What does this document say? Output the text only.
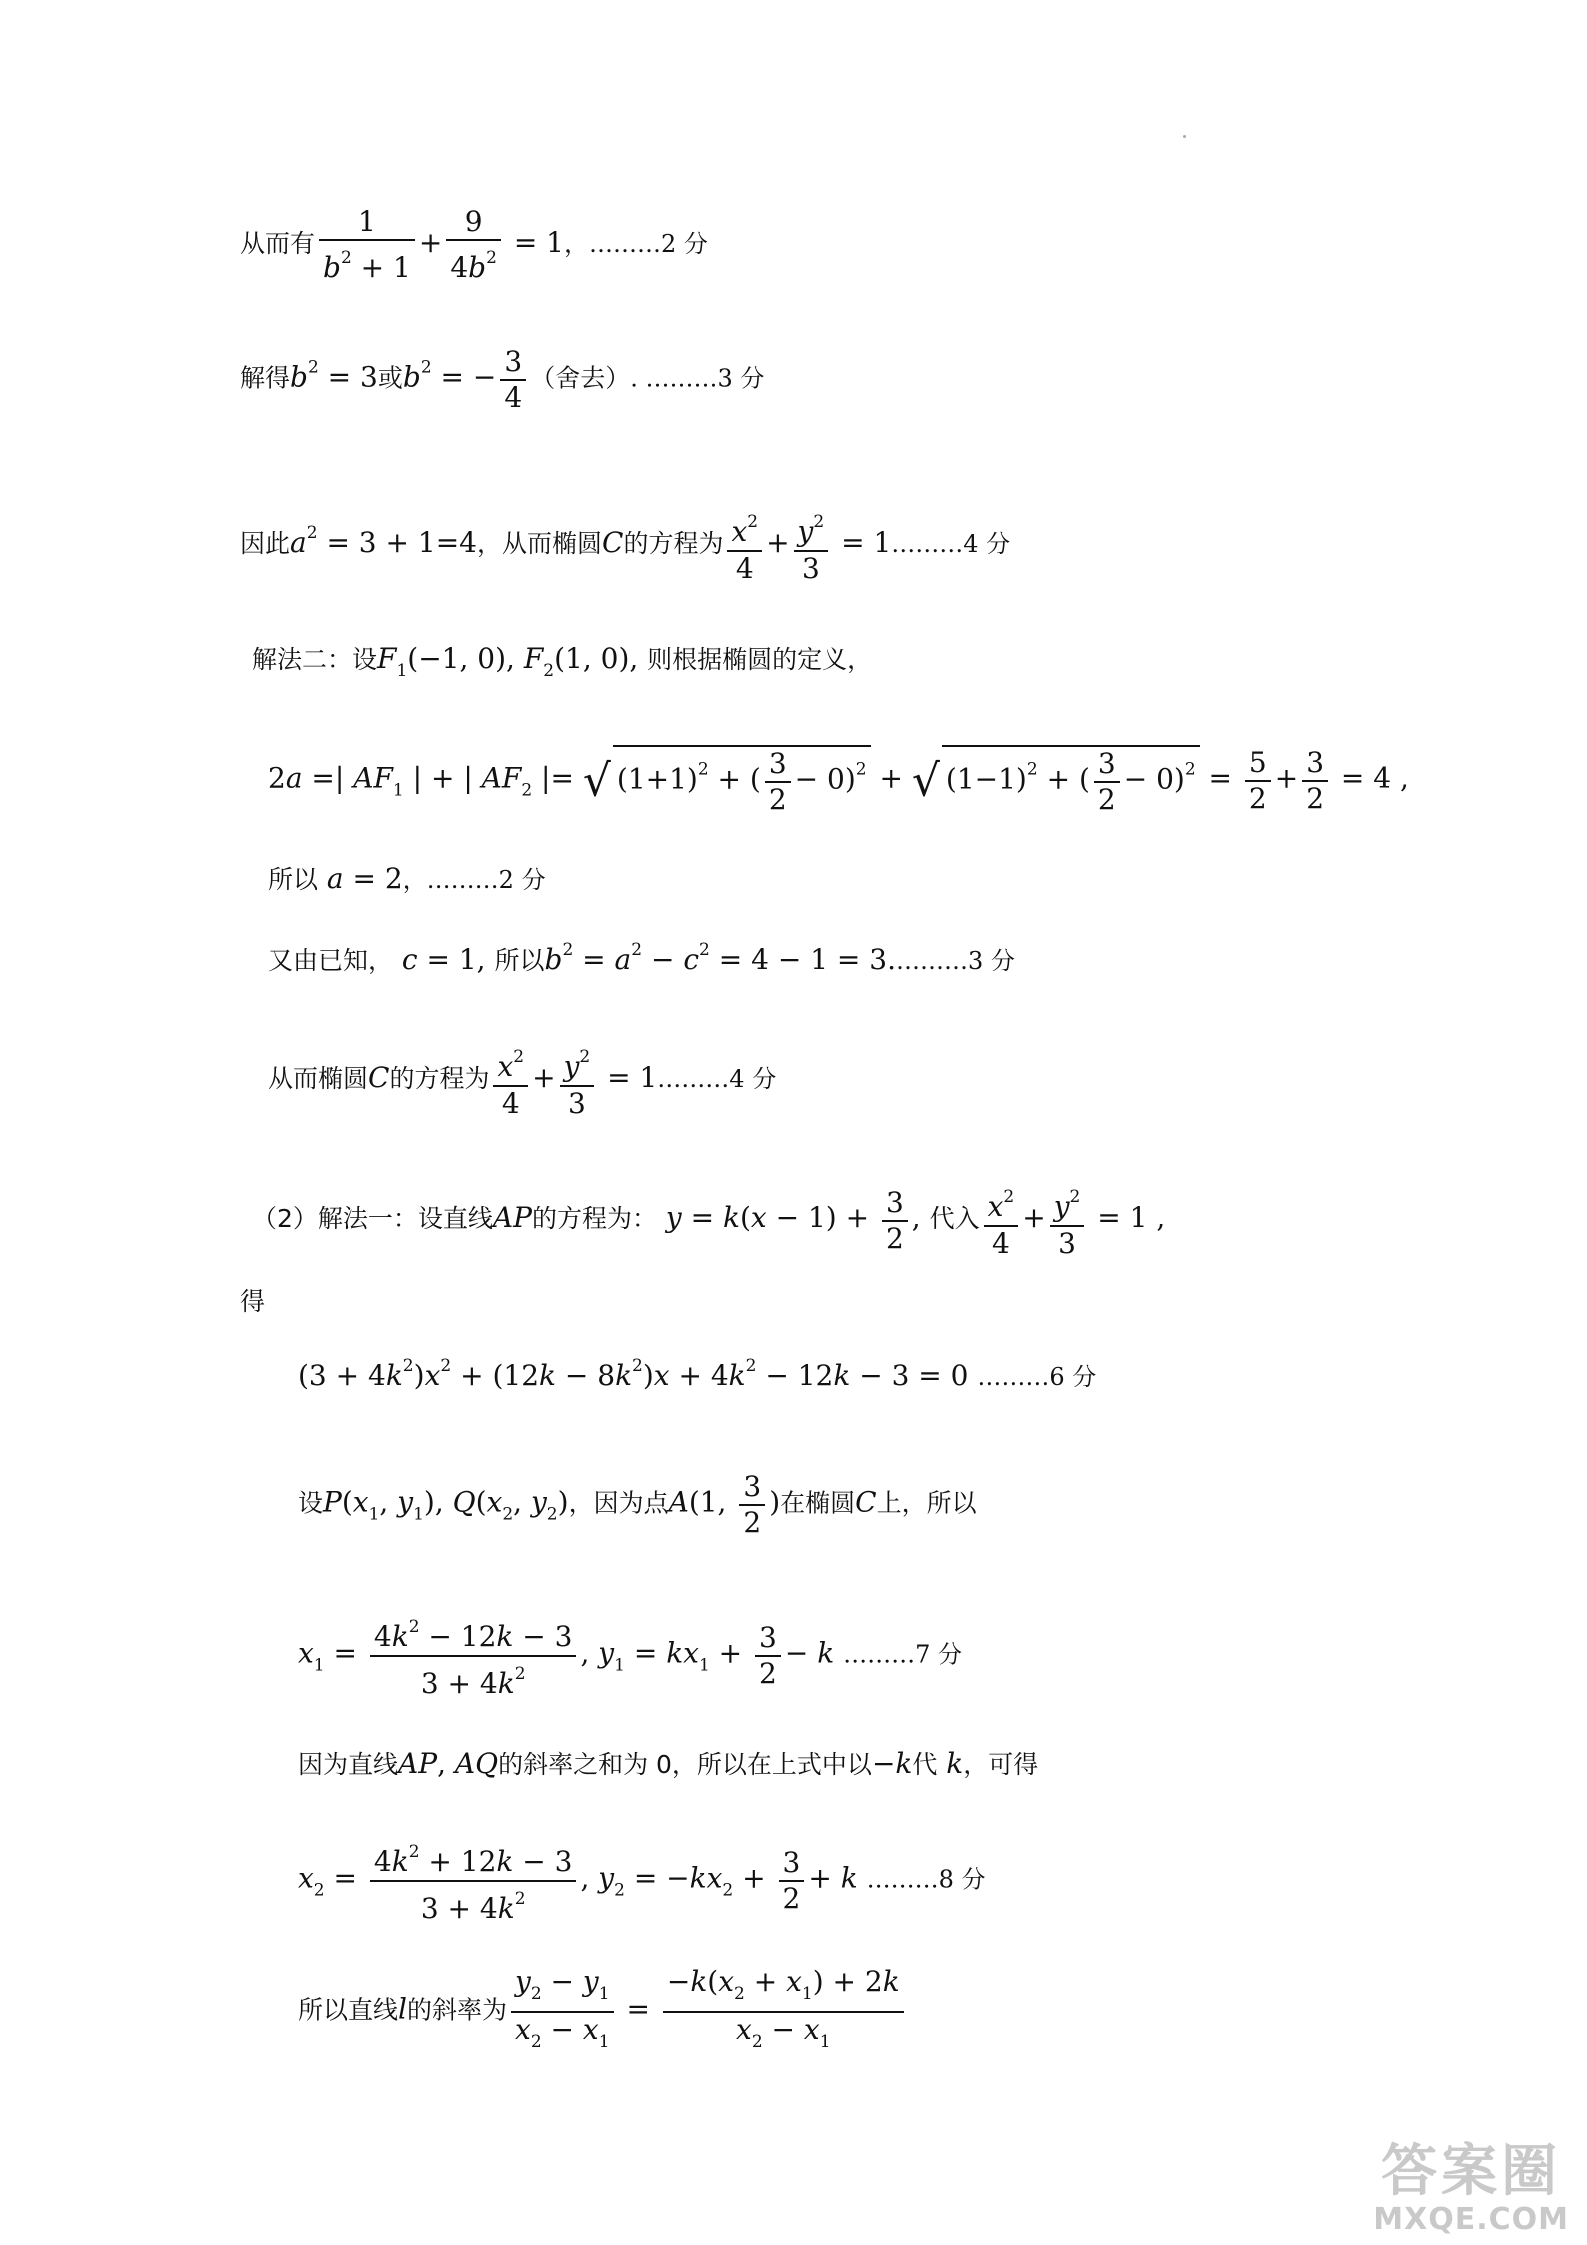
从而有 $\frac{1}{b^2 + 1} + \frac{9}{4b^2} = 1$，………2 分
解得$b^2 = 3$或$b^2$ = − $\frac{3}{4}$ （舍去）. ………3 分
因此$a^2 = 3 + 1=4$，从而椭圆C的方程为 $\frac{x^2}{4} + \frac{y^2}{3}$ = 1………4 分
解法二：设$F_1(-1$, 0), $F_2(1$, 0), 则根据椭圆的定义，
2a =| $AF_1$ | + | $AF_2$ |= √ $(1+1)^2$ + ( $\frac{3}{2} - 0)^2$ + √ $(1-1)^2$ + ( $\frac{3}{2} - 0)^2 = \frac{5}{2} + \frac{3}{2} = 4$ ,
所以 a = 2，………2 分
又由已知， c = 1, 所以$b^2 = a^2 - c^2 = 4 - 1$ = 3.………3 分
从而椭圆C的方程为 $\frac{x^2}{4} + \frac{y^2}{3}$ = 1………4 分
（2）解法一：设直线AP的方程为： $y = k(x - 1) + \frac{3}{2}$ , 代入 $\frac{x^2}{4} + \frac{y^2}{3} = 1$ ,
得
$(3 + 4k^2)x^2 + (12k - 8k^2)x + 4k^2 - 12k - 3 = 0$ ………6 分
设$P(x_1$, $y_1$), $Q(x_2$, $y_2$)，因为点A(1, $\frac{3}{2}$ )在椭圆C上，所以
$x_1 = \frac{4k^2 - 12k - 3}{3 + 4k^2}$ , $y_1 = kx_1 + \frac{3}{2} - k$ ………7 分
因为直线AP, AQ的斜率之和为 0，所以在上式中以−k代 k，可得
$x_2 = \frac{4k^2 + 12k - 3}{3 + 4k^2}$ , $y_2 = -kx_2 + \frac{3}{2} + k$ ………8 分
所以直线l的斜率为 $\frac{y_2 - y_1}{x_2 - x_1} = \frac{-k(x_2 + x_1) + 2k}{x_2 - x_1}$
答案圈
MXQE.COM
